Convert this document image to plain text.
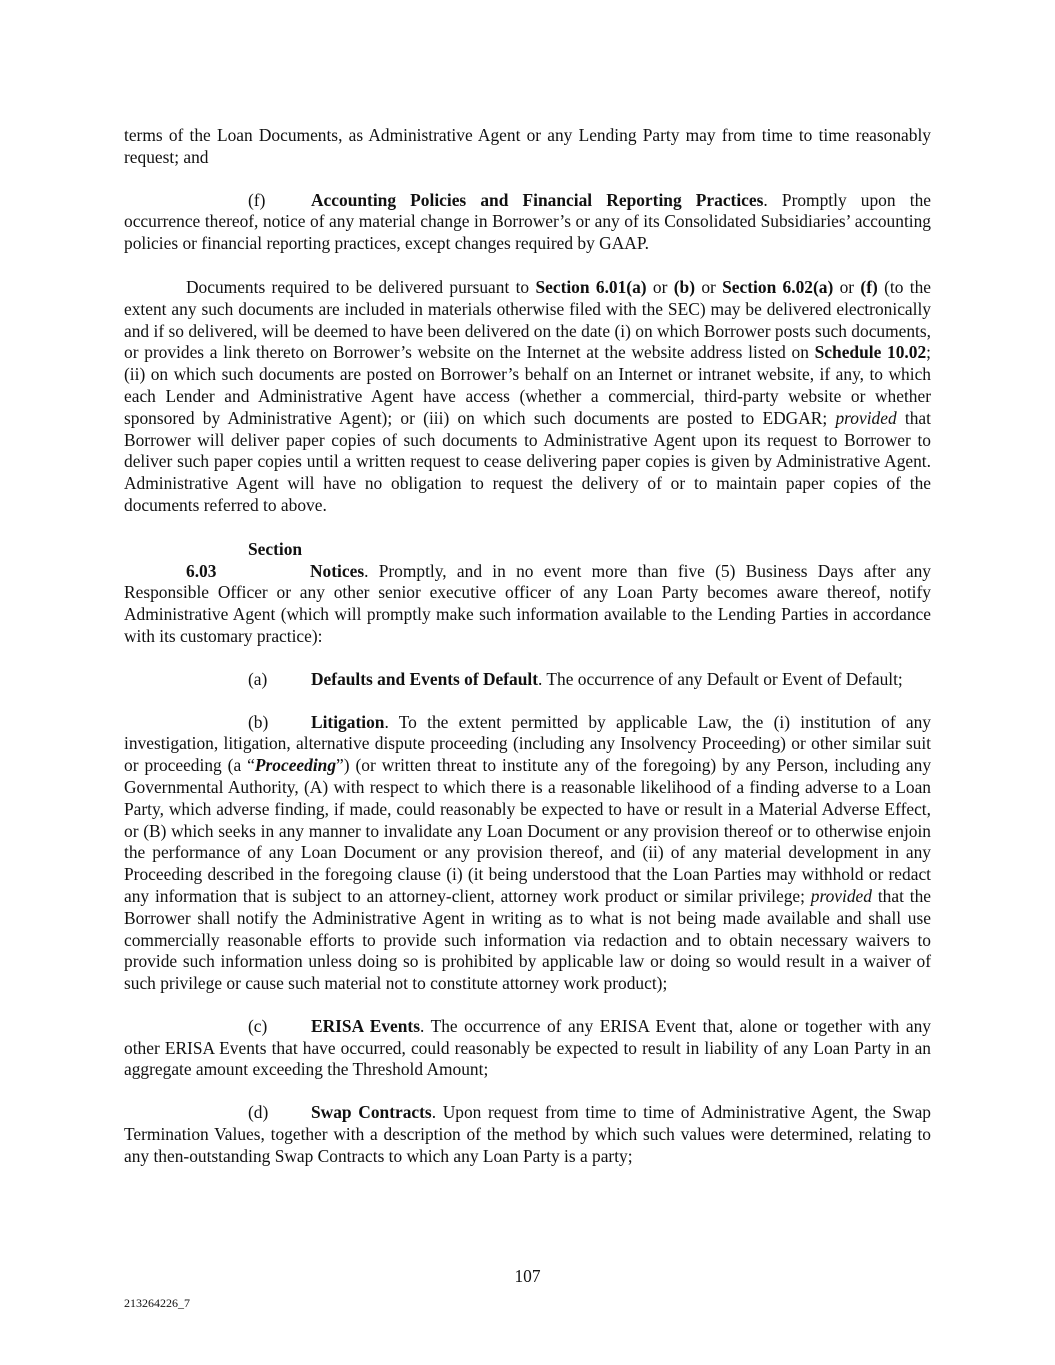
terms of the Loan Documents, as Administrative Agent or any Lending Party may from time to time reasonably request; and

(f)	Accounting Policies and Financial Reporting Practices. Promptly upon the occurrence thereof, notice of any material change in Borrower’s or any of its Consolidated Subsidiaries’ accounting policies or financial reporting practices, except changes required by GAAP.

Documents required to be delivered pursuant to Section 6.01(a) or (b) or Section 6.02(a) or (f) (to the extent any such documents are included in materials otherwise filed with the SEC) may be delivered electronically and if so delivered, will be deemed to have been delivered on the date (i) on which Borrower posts such documents, or provides a link thereto on Borrower’s website on the Internet at the website address listed on Schedule 10.02; (ii) on which such documents are posted on Borrower’s behalf on an Internet or intranet website, if any, to which each Lender and Administrative Agent have access (whether a commercial, third-party website or whether sponsored by Administrative Agent); or (iii) on which such documents are posted to EDGAR; provided that Borrower will deliver paper copies of such documents to Administrative Agent upon its request to Borrower to deliver such paper copies until a written request to cease delivering paper copies is given by Administrative Agent. Administrative Agent will have no obligation to request the delivery of or to maintain paper copies of the documents referred to above.

Section 6.03	Notices. Promptly, and in no event more than five (5) Business Days after any Responsible Officer or any other senior executive officer of any Loan Party becomes aware thereof, notify Administrative Agent (which will promptly make such information available to the Lending Parties in accordance with its customary practice):

(a)	Defaults and Events of Default. The occurrence of any Default or Event of Default;

(b) Litigation. To the extent permitted by applicable Law, the (i) institution of any investigation, litigation, alternative dispute proceeding (including any Insolvency Proceeding) or other similar suit or proceeding (a “Proceeding”) (or written threat to institute any of the foregoing) by any Person, including any Governmental Authority, (A) with respect to which there is a reasonable likelihood of a finding adverse to a Loan Party, which adverse finding, if made, could reasonably be expected to have or result in a Material Adverse Effect, or (B) which seeks in any manner to invalidate any Loan Document or any provision thereof or to otherwise enjoin the performance of any Loan Document or any provision thereof, and (ii) of any material development in any Proceeding described in the foregoing clause (i) (it being understood that the Loan Parties may withhold or redact any information that is subject to an attorney-client, attorney work product or similar privilege; provided that the Borrower shall notify the Administrative Agent in writing as to what is not being made available and shall use commercially reasonable efforts to provide such information via redaction and to obtain necessary waivers to provide such information unless doing so is prohibited by applicable law or doing so would result in a waiver of such privilege or cause such material not to constitute attorney work product);

(c)	ERISA Events. The occurrence of any ERISA Event that, alone or together with any other ERISA Events that have occurred, could reasonably be expected to result in liability of any Loan Party in an aggregate amount exceeding the Threshold Amount;

(d) Swap Contracts. Upon request from time to time of Administrative Agent, the Swap Termination Values, together with a description of the method by which such values were determined, relating to any then-outstanding Swap Contracts to which any Loan Party is a party;

107
213264226_7
